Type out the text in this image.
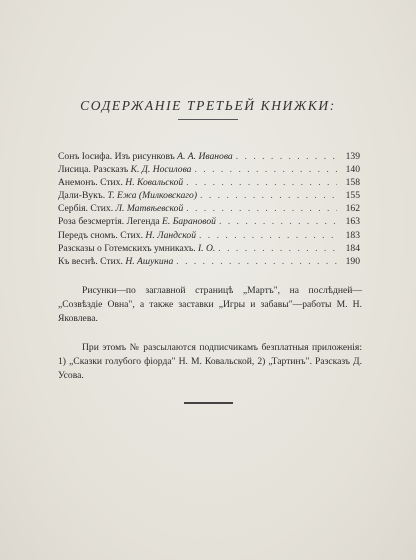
СОДЕРЖАНІЕ ТРЕТЬЕЙ КНИЖКИ:
Сонъ Іосифа. Изъ рисунковъ А. А. Иванова . . .	139
Лисица. Разсказъ К. Д. Носилова . . .	140
Анемонъ. Стих. Н. Ковальской . . .	158
Дали-Вукъ. Т. Ежа (Милковскаго) . . .	155
Сербія. Стих. Л. Матвѣевской . . .	162
Роза безсмертія. Легенда Е. Барановой . . .	163
Передъ сномъ. Стих. Н. Ландской . . .	183
Разсказы о Готемскихъ умникахъ. І. О. . . .	184
Къ веснѣ. Стих. Н. Ашукина . . .	190

Рисунки—по заглавной страницѣ „Мартъ", на послѣдней—„Созвѣздіе Овна", а также заставки „Игры и забавы"—работы М. Н. Яковлева.

При этомъ № разсылаются подписчикамъ безплатныя приложенія: 1) „Сказки голубого фіорда" Н. М. Ковальской, 2) „Тартинъ". Разсказъ Д. Усова.
